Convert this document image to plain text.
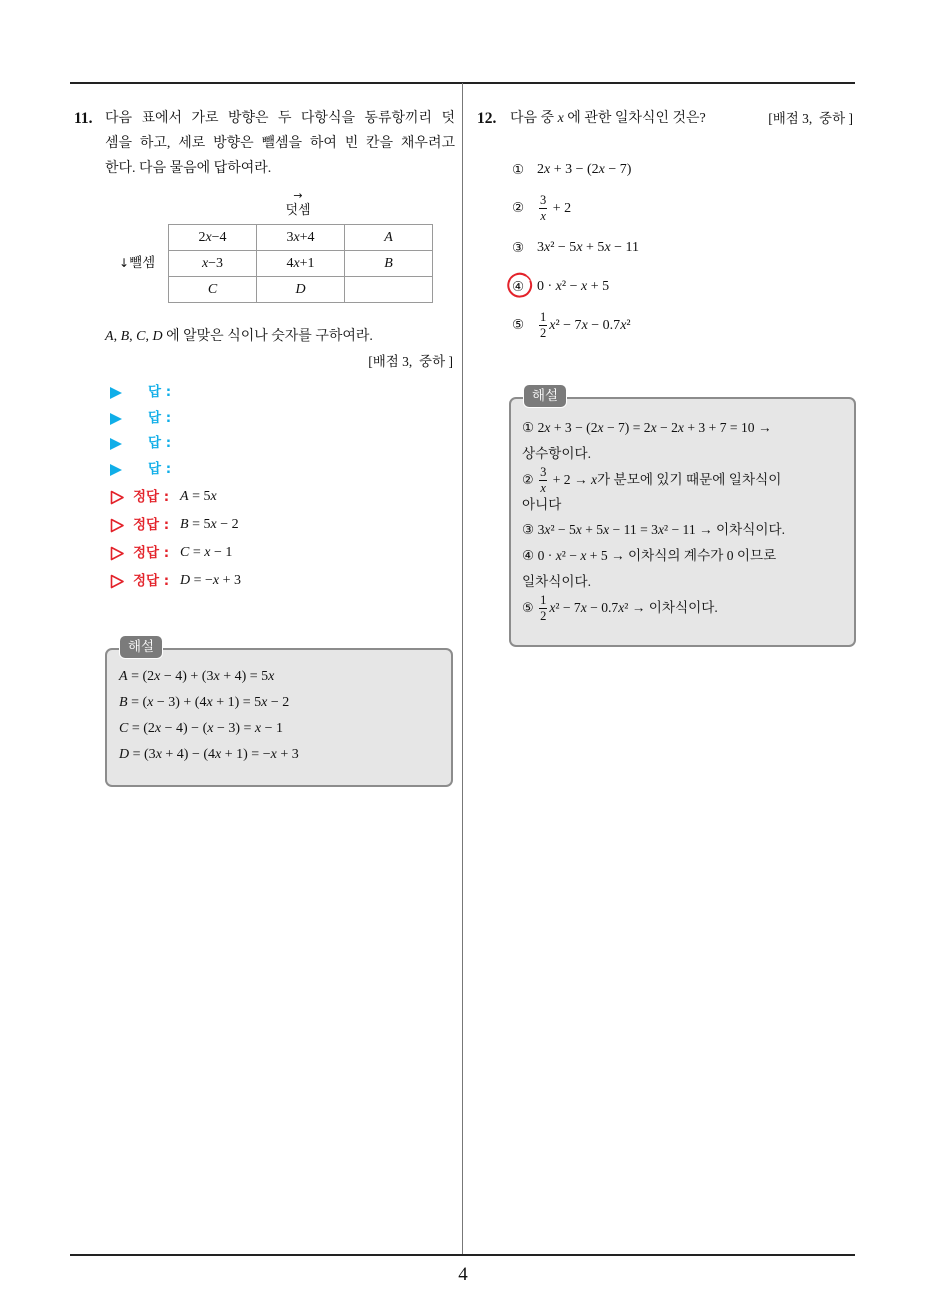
4
11. 다음 표에서 가로 방향은 두 다항식을 동류항끼리 덧
셈을 하고, 세로 방향은 뺄셈을 하여 빈 칸을 채우려고
한다. 다음 물음에 답하여라.
→
덧셈
↓뺄셈
2x−4	3x+4	A
x−3	4x+1	B
C	D	
A, B, C, D 에 알맞은 식이나 숫자를 구하여라.
[배점 3,  중하 ]
답 :
답 :
답 :
답 :
정답 : A = 5x
정답 : B = 5x − 2
정답 : C = x − 1
정답 : D = −x + 3
A = (2x − 4) + (3x + 4) = 5x
B = (x − 3) + (4x + 1) = 5x − 2
C = (2x − 4) − (x − 3) = x − 1
D = (3x + 4) − (4x + 1) = −x + 3
해설
12. 다음 중 x 에 관한 일차식인 것은?	[배점 3,  중하 ]
① 2x + 3 − (2x − 7)
② $\frac{3}{x} + 2$
③ 3x² − 5x + 5x − 11
④ 0 · x² − x + 5
⑤ $\frac{1}{2} x^2 - 7x - 0.7x^2$
① 2x + 3 − (2x − 7) = 2x − 2x + 3 + 7 = 10 →
상수항이다.
② $\frac{3}{x} + 2 \to x$가 분모에 있기 때문에 일차식이
아니다
③ 3x² − 5x + 5x − 11 = 3x² − 11 → 이차식이다.
④ 0 · x² − x + 5 → 이차식의 계수가 0 이므로
일차식이다.
⑤ $\frac{1}{2} x^2 - 7x - 0.7x^2$ → 이차식이다.
해설
